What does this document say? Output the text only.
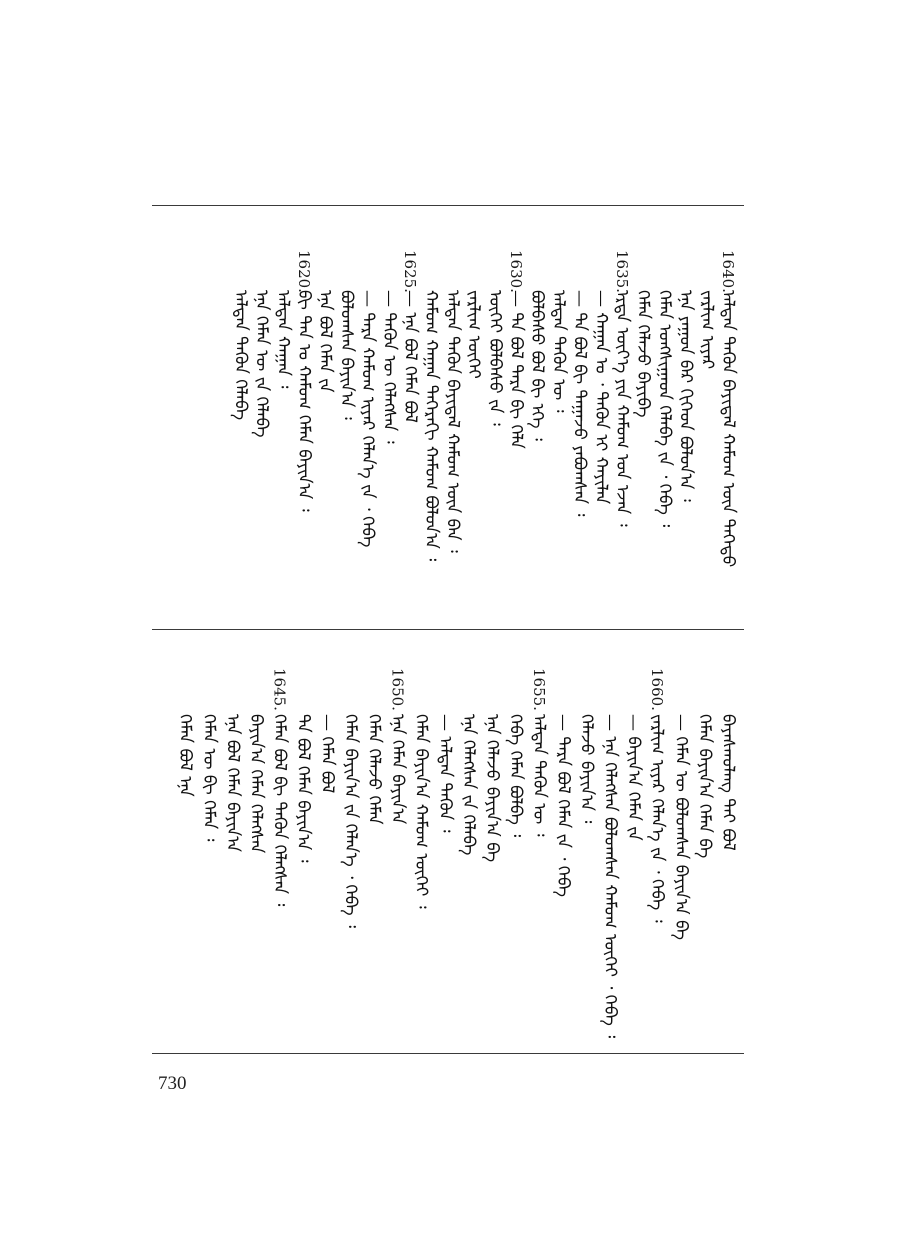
ᠠᠯᠲᠠᠨ ᠲᠡᠭᠦᠨ ᠪᠠᠶᠢᠳᠠᠯ ᠬᠠᠮᠤᠭ ᠦᠨ ᠳᠡᠭᠡᠳᠦ
1640.
ᠵᠠᠷᠯᠢᠭ ᠢᠶᠠᠷ
ᠡᠨᠡ ᠶᠠᠭᠤᠨ ᠪᠠᠷ ᠬᠢᠭᠡᠳ ᠪᠣᠯᠤᠨ᠎ᠠ ᠄
ᠬᠡᠮᠡᠨ ᠤᠩᠰᠢᠭᠠᠳ ᠬᠡᠯᠡᠪᠡ ᠵᠡ ᠂ ᠭᠡᠪᠡ ᠄
ᠬᠡᠮᠡᠨ ᠬᠡᠯᠡᠵᠦ ᠪᠠᠶᠢᠪᠠ
ᠡᠷᠲᠡ ᠦᠶ᠎ᠡ ᠶᠢᠨ ᠬᠠᠮᠤᠭ ᠤᠨ ᠡᠵᠡᠨ ᠄
1635.
— ᠬᠠᠭᠠᠨ ᠤ ᠂ ᠲᠡᠭᠦᠨ ᠢ ᠬᠠᠶᠢᠯᠠᠨ
— ᠲᠠ ᠪᠣᠯ ᠪᠢ ᠳᠠᠭᠠᠵᠤ ᠶᠠᠪᠤᠭᠰᠠᠨ ᠄
ᠠᠯᠲᠠᠨ ᠲᠡᠭᠦᠨ ᠦ ᠄
ᠪᠣᠯᠪᠠᠰᠤ ᠪᠣᠯ ᠪᠢ ᠡᠭᠡ ᠄
— ᠲᠠ ᠪᠣᠯ ᠲᠡᠷᠡ ᠪᠢ ᠬᠡᠯᠡ
1630.
ᠦᠭᠡᠢ ᠪᠣᠯᠪᠠᠰᠤ ᠵᠡ ᠄
ᠵᠠᠷᠯᠢᠭ ᠦᠭᠡᠢ
ᠠᠯᠲᠠᠨ ᠲᠡᠭᠦᠨ ᠪᠠᠶᠢᠳᠠᠯ ᠬᠠᠮᠤᠭ ᠦᠨ ᠪᠡᠨ ᠄
ᠬᠠᠮᠤᠭ ᠬᠠᠭᠠᠨ ᠳᠡᠭᠡᠷᠡᠬᠢ ᠬᠠᠮᠤᠭ ᠪᠣᠯᠤᠨ᠎ᠠ ᠄
— ᠡᠨᠡ ᠪᠣᠯ ᠬᠡᠮᠡᠨ ᠪᠣᠯ
1625.
— ᠲᠡᠭᠦᠨ ᠦ ᠬᠡᠯᠡᠭᠰᠡᠨ ᠄
— ᠲᠡᠷᠡ ᠬᠠᠮᠤᠭ ᠢᠶᠠᠷ ᠬᠡᠯᠡᠨ᠎ᠡ ᠵᠡ ᠂ ᠭᠡᠪᠡ
ᠪᠣᠯᠤᠭᠰᠠᠨ ᠪᠠᠶᠢᠨ᠎ᠠ ᠄
ᠡᠨᠡ ᠪᠣᠯ ᠬᠡᠮᠡᠨ ᠵᠡ
ᠪᠢ ᠲᠠᠨ ᠤ ᠬᠠᠮᠤᠭ ᠬᠡᠮᠡᠨ ᠪᠠᠶᠢᠨ᠎ᠠ ᠄
1620.
ᠠᠯᠲᠠᠨ ᠬᠠᠭᠠᠨ ᠄
ᠡᠨᠡ ᠬᠡᠮᠡᠨ ᠦ ᠵᠡ ᠬᠡᠯᠡᠪᠡ
ᠠᠯᠲᠠᠨ ᠲᠡᠭᠦᠨ ᠬᠡᠯᠡᠪᠡ
ᠪᠠᠶᠠᠰᠬᠤᠯᠠᠩ ᠲᠠᠢ ᠪᠣᠯ
ᠬᠡᠮᠡᠨ ᠪᠠᠶᠢᠨ᠎ᠠ ᠬᠡᠮᠡᠨ ᠪᠡ
— ᠬᠡᠮᠡᠨ ᠦ ᠪᠣᠯᠤᠭᠰᠠᠨ ᠪᠠᠶᠢᠨ᠎ᠠ ᠪᠡ
ᠵᠠᠷᠯᠢᠭ ᠢᠶᠠᠷ ᠬᠡᠯᠡᠨ᠎ᠡ ᠵᠡ ᠂ ᠭᠡᠪᠡ ᠄
1660.
— ᠪᠠᠶᠢᠨ᠎ᠠ ᠬᠡᠮᠡᠨ ᠵᠡ
— ᠡᠨᠡ ᠬᠡᠯᠡᠭᠰᠡᠨ ᠪᠣᠯᠤᠭᠰᠠᠨ ᠬᠠᠮᠤᠭ ᠦᠭᠡᠢ ᠂ ᠭᠡᠪᠡ ᠄
ᠬᠡᠯᠡᠵᠦ ᠪᠠᠶᠢᠨ᠎ᠠ ᠄
— ᠲᠡᠷᠡ ᠪᠣᠯ ᠬᠡᠮᠡᠨ ᠵᠡ ᠂ ᠭᠡᠪᠡ
ᠠᠯᠲᠠᠨ ᠲᠡᠭᠦᠨ ᠦ ᠄
1655.
ᠭᠡᠪᠡ ᠬᠡᠮᠡᠨ ᠪᠣᠯᠪᠠ ᠄
ᠡᠨᠡ ᠬᠡᠯᠡᠵᠦ ᠪᠠᠶᠢᠨ᠎ᠠ ᠪᠡ
ᠡᠨᠡ ᠬᠡᠯᠡᠭᠰᠡᠨ ᠵᠡ ᠬᠡᠯᠡᠪᠡ
— ᠠᠯᠲᠠᠨ ᠲᠡᠭᠦᠨ ᠄
ᠬᠡᠮᠡᠨ ᠪᠠᠶᠢᠨ᠎ᠠ ᠬᠠᠮᠤᠭ ᠦᠭᠡᠢ ᠄
ᠡᠨᠡ ᠬᠡᠮᠡᠨ ᠪᠠᠶᠢᠨ᠎ᠠ
1650.
ᠬᠡᠮᠡᠨ ᠬᠡᠯᠡᠵᠦ ᠬᠡᠮᠡᠨ
ᠬᠡᠮᠡᠨ ᠪᠠᠶᠢᠨ᠎ᠠ ᠵᠡ ᠬᠡᠯᠡᠨ᠎ᠡ ᠂ ᠭᠡᠪᠡ ᠄
— ᠬᠡᠮᠡᠨ ᠪᠣᠯ
ᠲᠠ ᠪᠣᠯ ᠬᠡᠮᠡᠨ ᠪᠠᠶᠢᠨ᠎ᠠ ᠄
ᠬᠡᠮᠡᠨ ᠪᠣᠯ ᠪᠢ ᠲᠡᠭᠦᠨ ᠬᠡᠯᠡᠭᠰᠡᠨ ᠄
1645.
ᠪᠠᠶᠢᠨ᠎ᠠ ᠬᠡᠮᠡᠨ ᠬᠡᠯᠡᠭᠰᠡᠨ
ᠡᠨᠡ ᠪᠣᠯ ᠬᠡᠮᠡᠨ ᠪᠠᠶᠢᠨ᠎ᠠ
ᠬᠡᠮᠡᠨ ᠦ ᠪᠢ ᠬᠡᠮᠡᠨ ᠄
ᠬᠡᠮᠡᠨ ᠪᠣᠯ ᠡᠨᠡ
730
